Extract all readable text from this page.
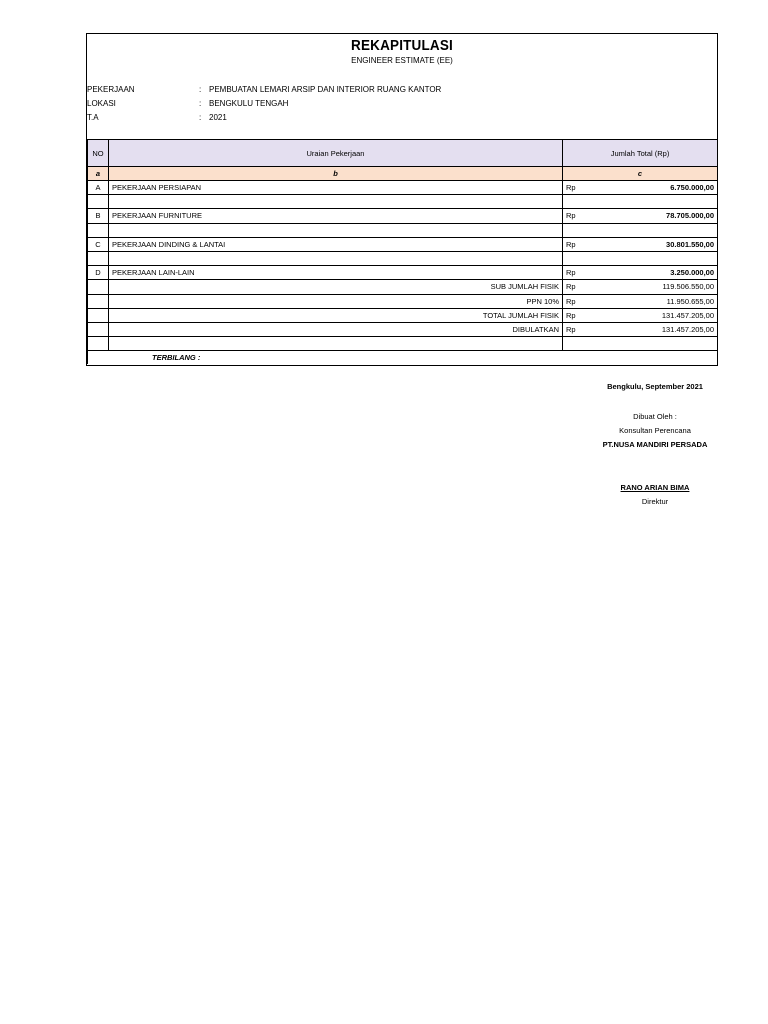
REKAPITULASI
ENGINEER ESTIMATE (EE)
PEKERJAAN	: PEMBUATAN LEMARI ARSIP DAN INTERIOR RUANG KANTOR
LOKASI	: BENGKULU TENGAH
T.A	: 2021
NO	Uraian Pekerjaan	Jumlah Total (Rp)	
a	b	c	
A	PEKERJAAN PERSIAPAN	Rp	6.750.000,00

B	PEKERJAAN FURNITURE	Rp	78.705.000,00

C	PEKERJAAN DINDING & LANTAI	Rp	30.801.550,00

D	PEKERJAAN LAIN-LAIN	Rp	3.250.000,00
	SUB JUMLAH FISIK	Rp	119.506.550,00
	PPN 10%	Rp	11.950.655,00
	TOTAL JUMLAH FISIK	Rp	131.457.205,00
	DIBULATKAN	Rp	131.457.205,00

TERBILANG :			
Bengkulu, September 2021
Dibuat Oleh :
Konsultan Perencana
PT.NUSA MANDIRI PERSADA
RANO ARIAN BIMA
Direktur
